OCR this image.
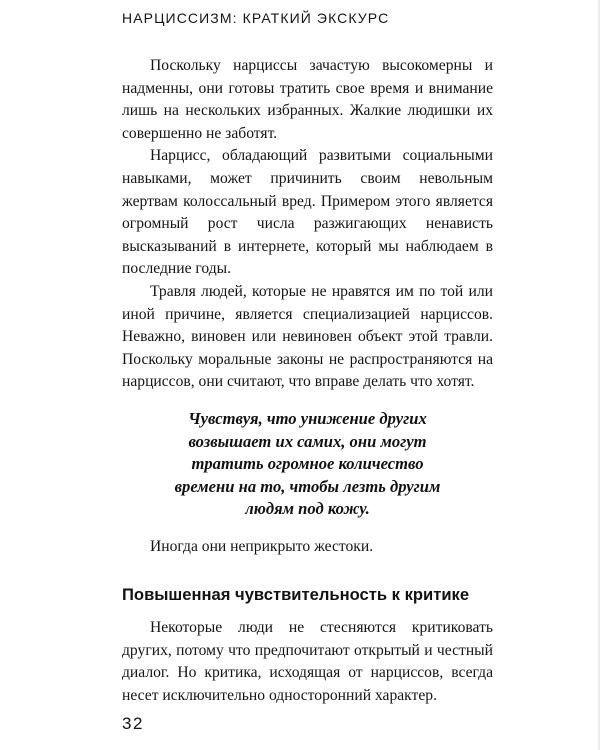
НАРЦИССИЗМ: КРАТКИЙ ЭКСКУРС

Поскольку нарциссы зачастую высокомерны и надменны, они готовы тратить свое время и внимание лишь на нескольких избранных. Жалкие людишки их совершенно не заботят.

Нарцисс, обладающий развитыми социальными навыками, может причинить своим невольным жертвам колоссальный вред. Примером этого является огромный рост числа разжигающих ненависть высказываний в интернете, который мы наблюдаем в последние годы.

Травля людей, которые не нравятся им по той или иной причине, является специализацией нарциссов. Неважно, виновен или невиновен объект этой травли. Поскольку моральные законы не распространяются на нарциссов, они считают, что вправе делать что хотят.

Чувствуя, что унижение других
возвышает их самих, они могут
тратить огромное количество
времени на то, чтобы лезть другим
людям под кожу.
Иногда они неприкрыто жестоки.
Повышенная чувствительность к критике

Некоторые люди не стесняются критиковать других, потому что предпочитают открытый и честный диалог. Но критика, исходящая от нарциссов, всегда несет исключительно односторонний характер.

32
